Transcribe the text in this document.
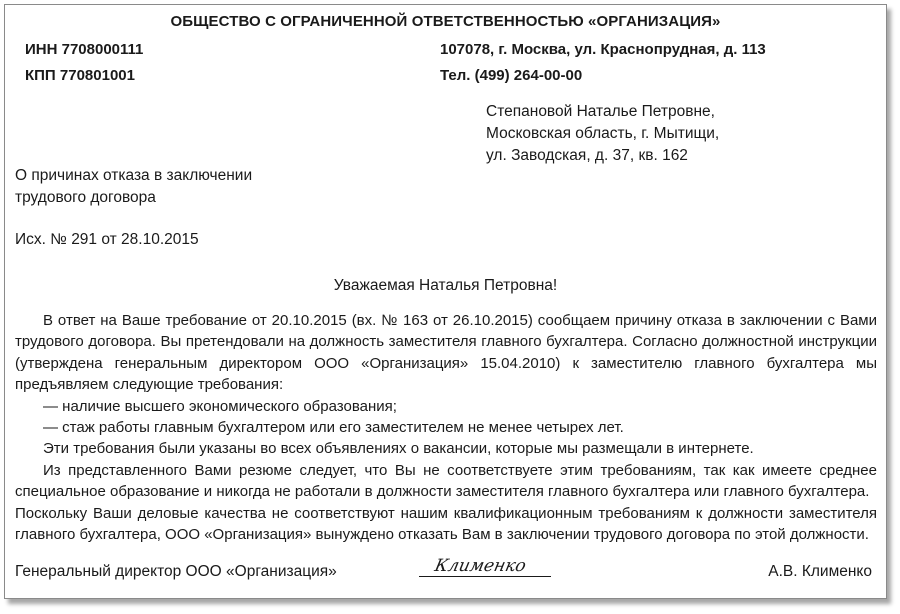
ОБЩЕСТВО С ОГРАНИЧЕННОЙ ОТВЕТСТВЕННОСТЬЮ «ОРГАНИЗАЦИЯ»
ИНН 7708000111
КПП 770801001
107078, г. Москва, ул. Краснопрудная, д. 113
Тел. (499) 264-00-00
Степановой Наталье Петровне,
Московская область, г. Мытищи,
ул. Заводская, д. 37, кв. 162
О причинах отказа в заключении
трудового договора
Исх. № 291 от 28.10.2015
Уважаемая Наталья Петровна!

В ответ на Ваше требование от 20.10.2015 (вх. № 163 от 26.10.2015) сообщаем причину отказа в заключении с Вами трудового договора. Вы претендовали на должность заместителя главного бухгалтера. Согласно должностной инструкции (утверждена генеральным директором ООО «Организация» 15.04.2010) к заместителю главного бухгалтера мы предъявляем следующие требования:

— наличие высшего экономического образования;

— стаж работы главным бухгалтером или его заместителем не менее четырех лет.

Эти требования были указаны во всех объявлениях о вакансии, которые мы размещали в интернете.

Из представленного Вами резюме следует, что Вы не соответствуете этим требованиям, так как имеете среднее специальное образование и никогда не работали в должности заместителя главного бухгалтера или главного бухгалтера.

Поскольку Ваши деловые качества не соответствуют нашим квалификационным требованиям к должности заместителя главного бухгалтера, ООО «Организация» вынуждено отказать Вам в заключении трудового договора по этой должности.

Генеральный директор ООО «Организация»	Клименко	А.В. Клименко
